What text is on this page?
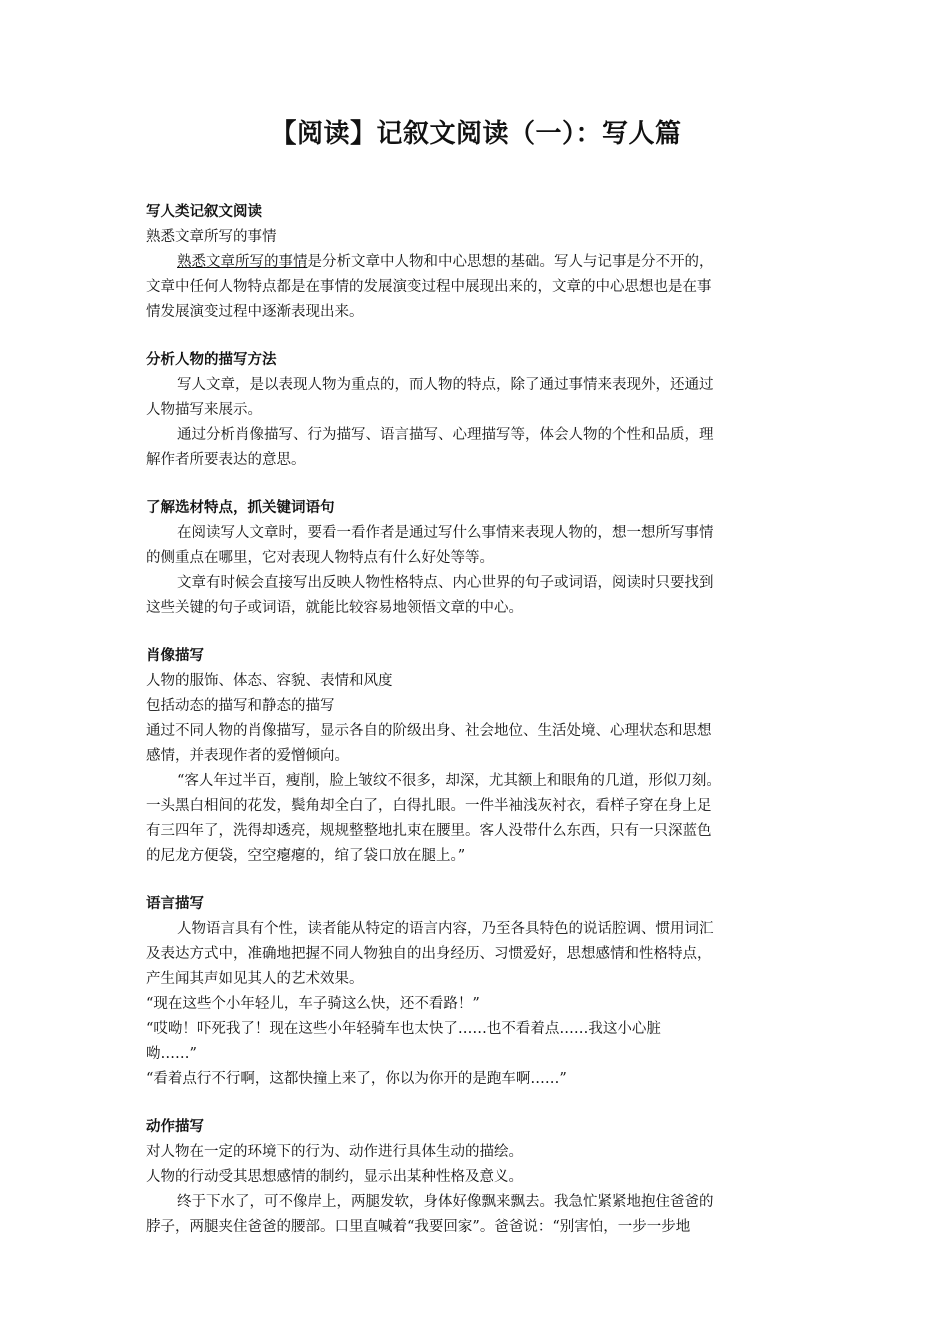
【阅读】记叙文阅读（一）：写人篇

写人类记叙文阅读

熟悉文章所写的事情

熟悉文章所写的事情是分析文章中人物和中心思想的基础。写人与记事是分不开的，

文章中任何人物特点都是在事情的发展演变过程中展现出来的，文章的中心思想也是在事

情发展演变过程中逐渐表现出来。

分析人物的描写方法

写人文章，是以表现人物为重点的，而人物的特点，除了通过事情来表现外，还通过

人物描写来展示。

通过分析肖像描写、行为描写、语言描写、心理描写等，体会人物的个性和品质，理

解作者所要表达的意思。

了解选材特点，抓关键词语句

在阅读写人文章时，要看一看作者是通过写什么事情来表现人物的，想一想所写事情

的侧重点在哪里，它对表现人物特点有什么好处等等。

文章有时候会直接写出反映人物性格特点、内心世界的句子或词语，阅读时只要找到

这些关键的句子或词语，就能比较容易地领悟文章的中心。

肖像描写

人物的服饰、体态、容貌、表情和风度

包括动态的描写和静态的描写

通过不同人物的肖像描写，显示各自的阶级出身、社会地位、生活处境、心理状态和思想

感情，并表现作者的爱憎倾向。

“客人年过半百，瘦削，脸上皱纹不很多，却深，尤其额上和眼角的几道，形似刀刻。

一头黑白相间的花发，鬓角却全白了，白得扎眼。一件半袖浅灰衬衣，看样子穿在身上足

有三四年了，洗得却透亮，规规整整地扎束在腰里。客人没带什么东西，只有一只深蓝色

的尼龙方便袋，空空瘪瘪的，绾了袋口放在腿上。”

语言描写

人物语言具有个性，读者能从特定的语言内容，乃至各具特色的说话腔调、惯用词汇

及表达方式中，准确地把握不同人物独自的出身经历、习惯爱好，思想感情和性格特点，

产生闻其声如见其人的艺术效果。

“现在这些个小年轻儿，车子骑这么快，还不看路！”

“哎呦！吓死我了！现在这些小年轻骑车也太快了……也不看着点……我这小心脏

呦……”

“看着点行不行啊，这都快撞上来了，你以为你开的是跑车啊……”

动作描写

对人物在一定的环境下的行为、动作进行具体生动的描绘。

人物的行动受其思想感情的制约，显示出某种性格及意义。

终于下水了，可不像岸上，两腿发软，身体好像飘来飘去。我急忙紧紧地抱住爸爸的

脖子，两腿夹住爸爸的腰部。口里直喊着“我要回家”。爸爸说：“别害怕，一步一步地
